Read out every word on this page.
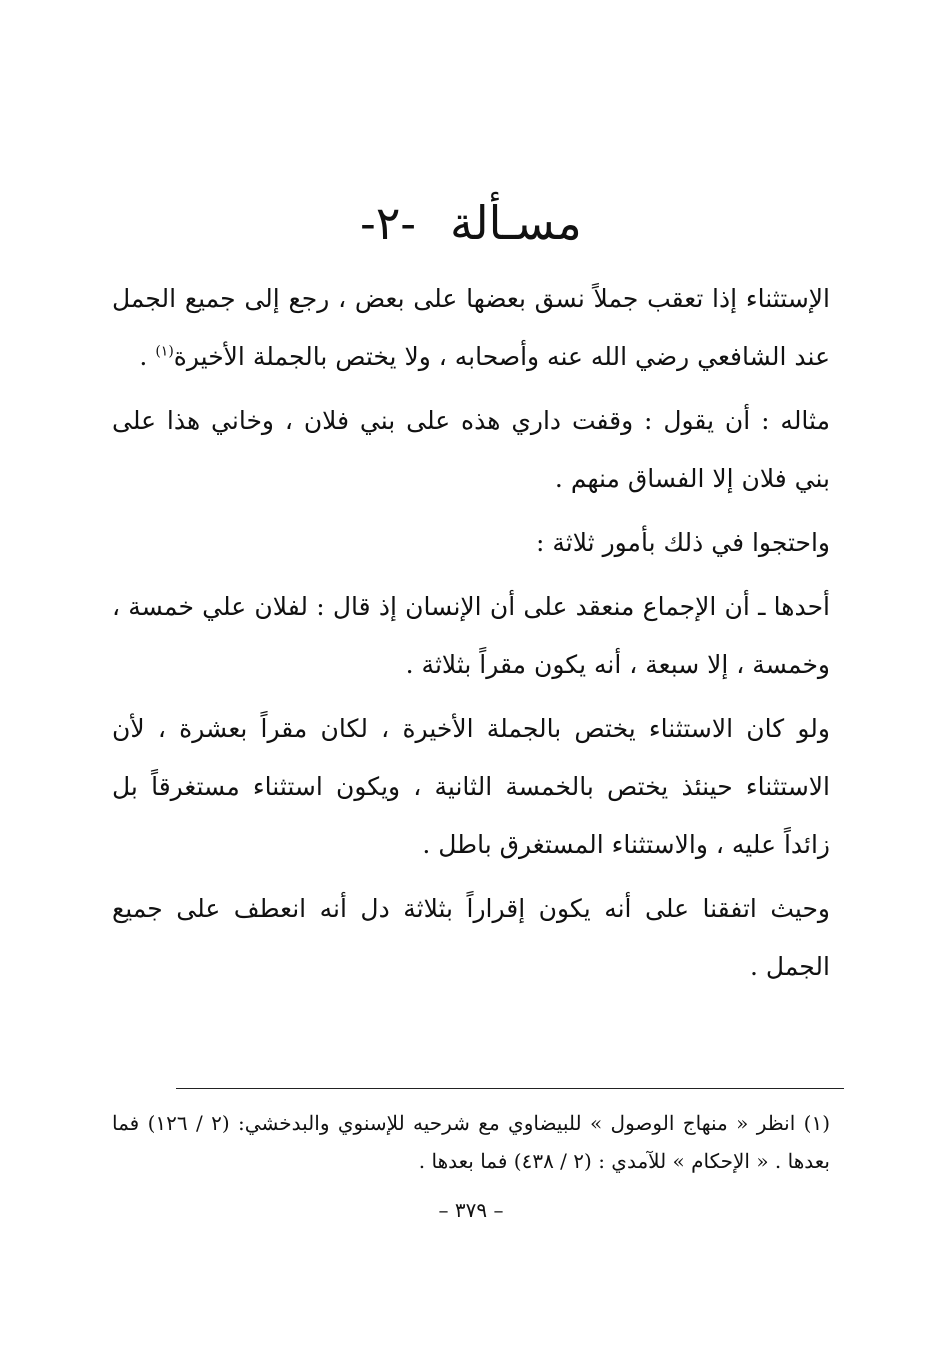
مسـألة-٢-

الإستثناء إذا تعقب جملاً نسق بعضها على بعض ، رجع إلى جميع الجمل عند الشافعي رضي الله عنه وأصحابه ، ولا يختص بالجملة الأخيرة$^{(١)}$ .

مثاله : أن يقول : وقفت داري هذه على بني فلان ، وخاني هذا على بني فلان إلا الفساق منهم .

واحتجوا في ذلك بأمور ثلاثة :

أحدها ـ أن الإجماع منعقد على أن الإنسان إذ قال : لفلان علي خمسة ، وخمسة ، إلا سبعة ، أنه يكون مقراً بثلاثة .

ولو كان الاستثناء يختص بالجملة الأخيرة ، لكان مقراً بعشرة ، لأن الاستثناء حينئذ يختص بالخمسة الثانية ، ويكون استثناء مستغرقاً بل زائداً عليه ، والاستثناء المستغرق باطل .

وحيث اتفقنا على أنه يكون إقراراً بثلاثة دل أنه انعطف على جميع الجمل .

(١) انظر « منهاج الوصول » للبيضاوي مع شرحيه للإسنوي والبدخشي: (٢ / ١٢٦) فما بعدها . « الإحكام » للآمدي : (٢ / ٤٣٨) فما بعدها .
– ٣٧٩ –
